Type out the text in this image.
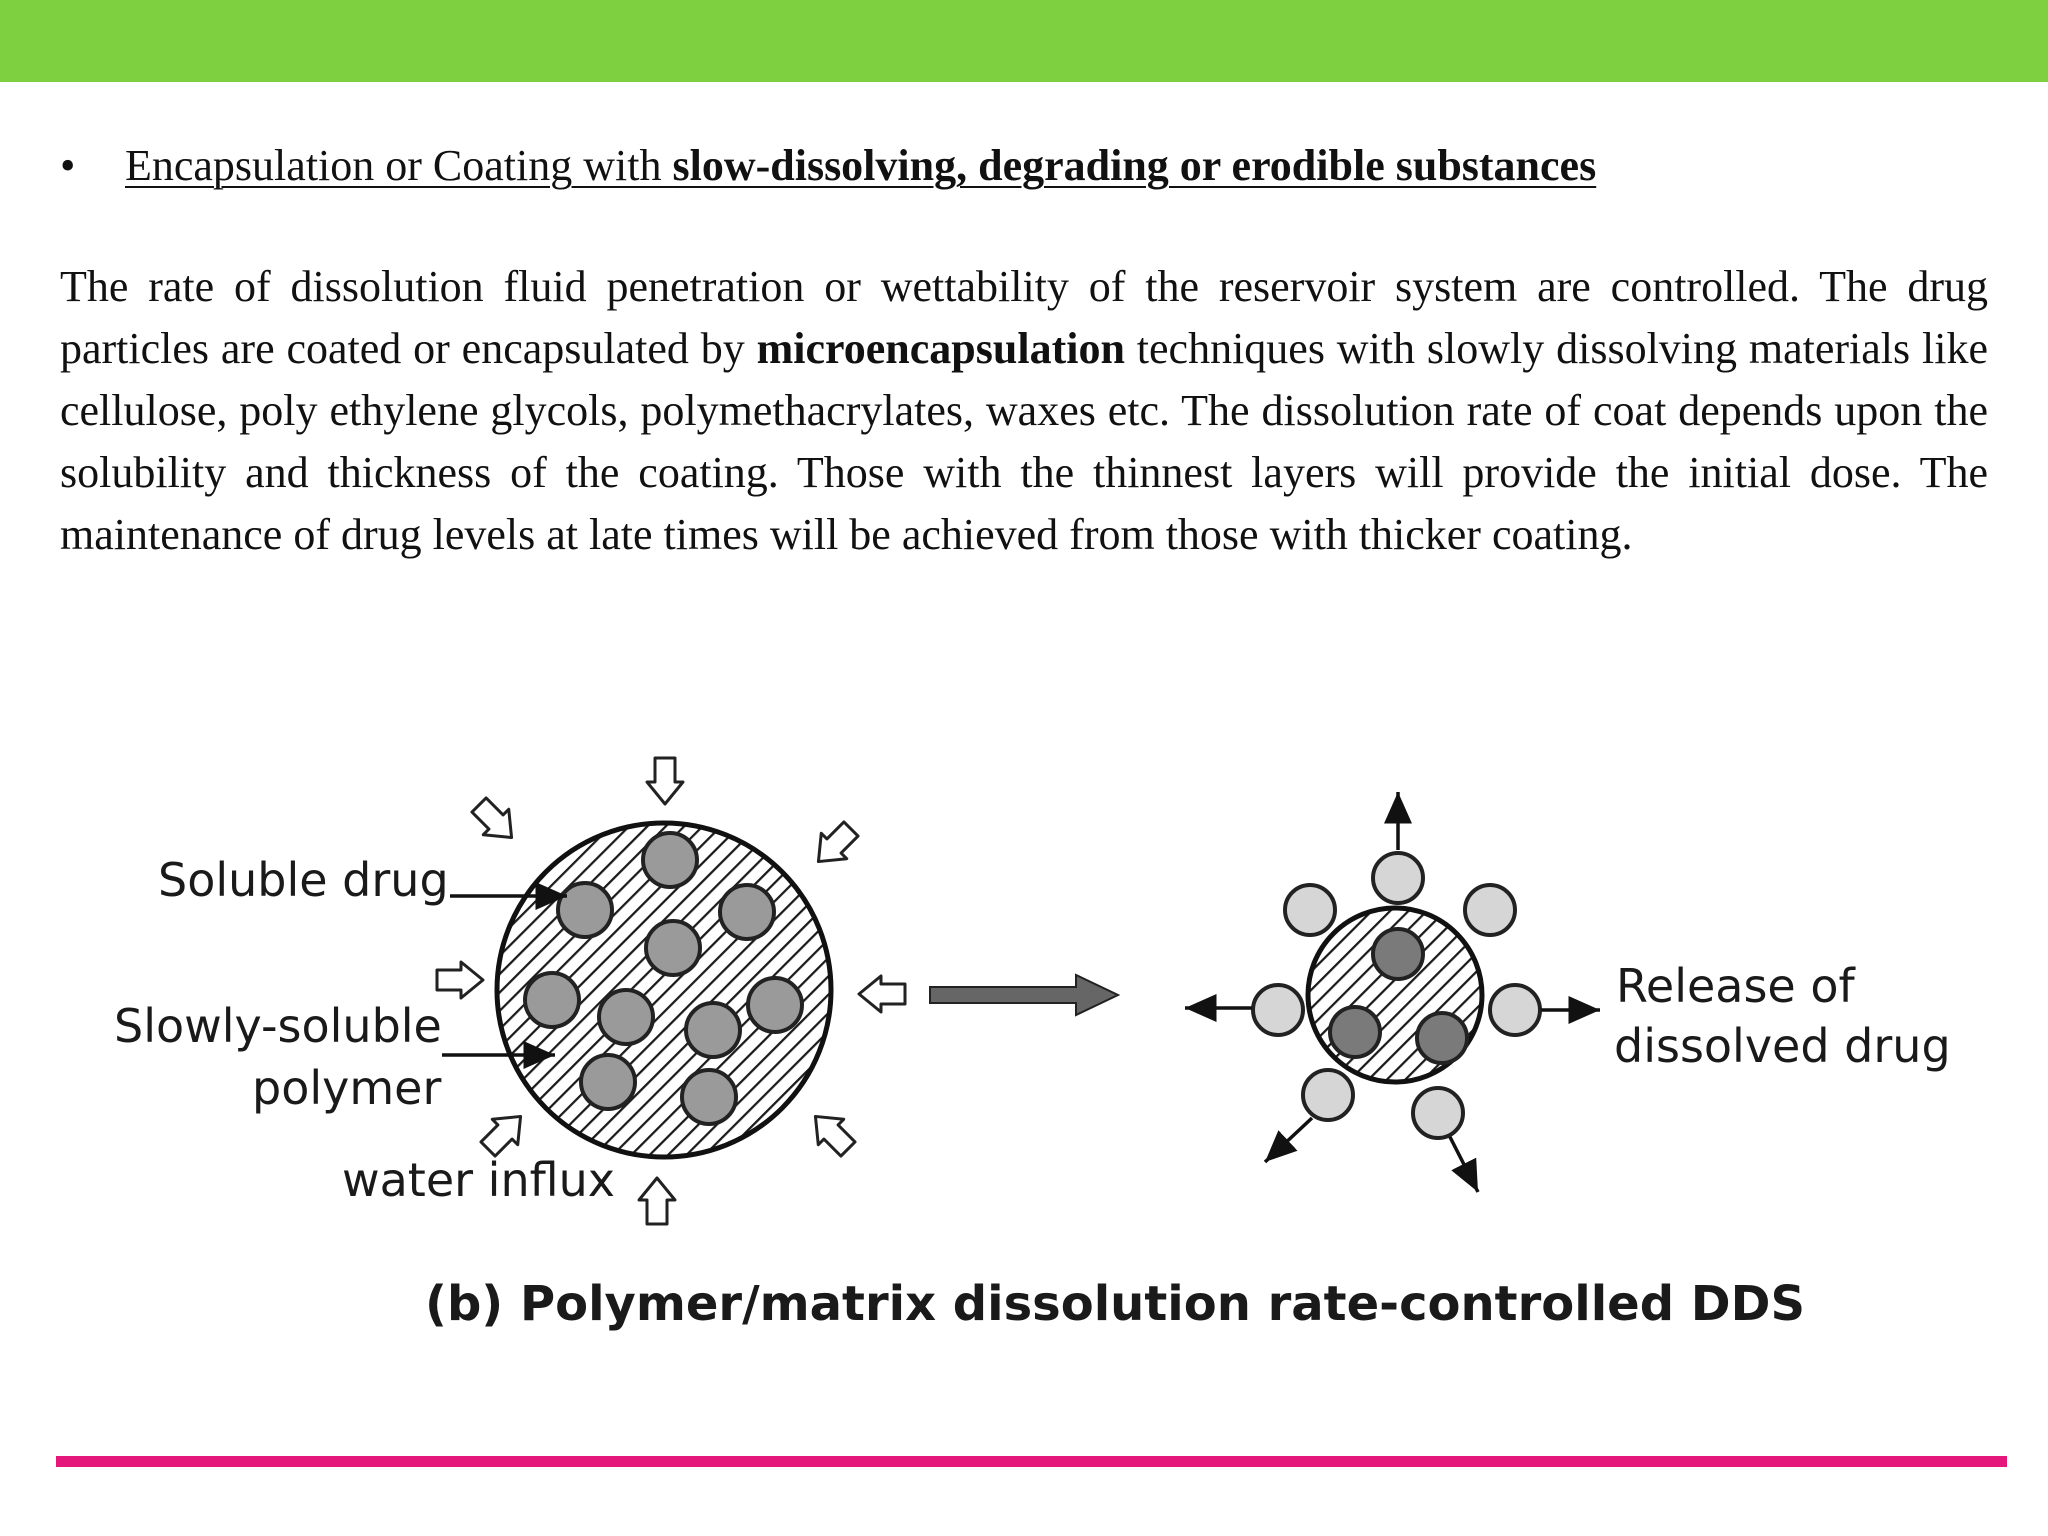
• Encapsulation or Coating with slow-dissolving, degrading or erodible substances

The rate of dissolution fluid penetration or wettability of the reservoir system are controlled. The drug particles are coated or encapsulated by microencapsulation techniques with slowly dissolving materials like cellulose, poly ethylene glycols, polymethacrylates, waxes etc. The dissolution rate of coat depends upon the solubility and thickness of the coating. Those with the thinnest layers will provide the initial dose. The maintenance of drug levels at late times will be achieved from those with thicker coating.

Soluble drug
Slowly-soluble
polymer
water influx
Release of
dissolved drug
(b) Polymer/matrix dissolution rate-controlled DDS
